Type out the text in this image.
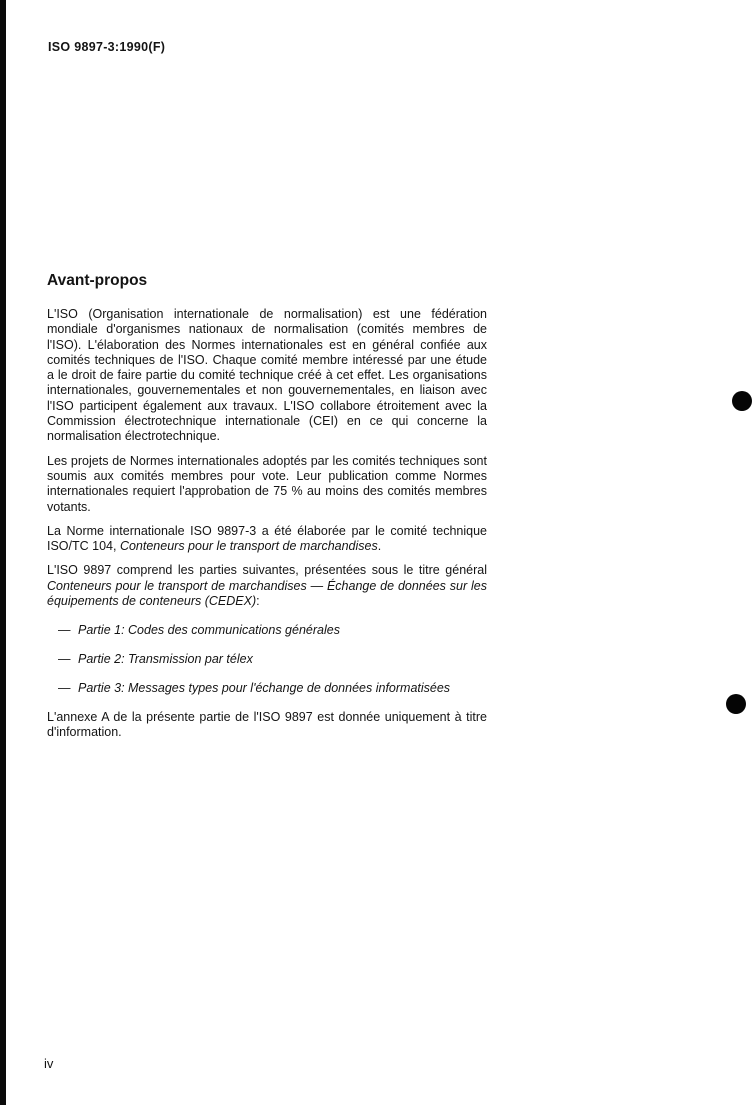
ISO 9897-3:1990(F)
Avant-propos

L'ISO (Organisation internationale de normalisation) est une fédération mondiale d'organismes nationaux de normalisation (comités membres de l'ISO). L'élaboration des Normes internationales est en général confiée aux comités techniques de l'ISO. Chaque comité membre intéressé par une étude a le droit de faire partie du comité technique créé à cet effet. Les organisations internationales, gouvernementales et non gouvernementales, en liaison avec l'ISO participent également aux travaux. L'ISO collabore étroitement avec la Commission électrotechnique internationale (CEI) en ce qui concerne la normalisation électrotechnique.

Les projets de Normes internationales adoptés par les comités techniques sont soumis aux comités membres pour vote. Leur publication comme Normes internationales requiert l'approbation de 75 % au moins des comités membres votants.

La Norme internationale ISO 9897-3 a été élaborée par le comité technique ISO/TC 104, Conteneurs pour le transport de marchandises.

L'ISO 9897 comprend les parties suivantes, présentées sous le titre général Conteneurs pour le transport de marchandises — Échange de données sur les équipements de conteneurs (CEDEX):

— Partie 1: Codes des communications générales
— Partie 2: Transmission par télex
— Partie 3: Messages types pour l'échange de données informatisées

L'annexe A de la présente partie de l'ISO 9897 est donnée uniquement à titre d'information.

iv
